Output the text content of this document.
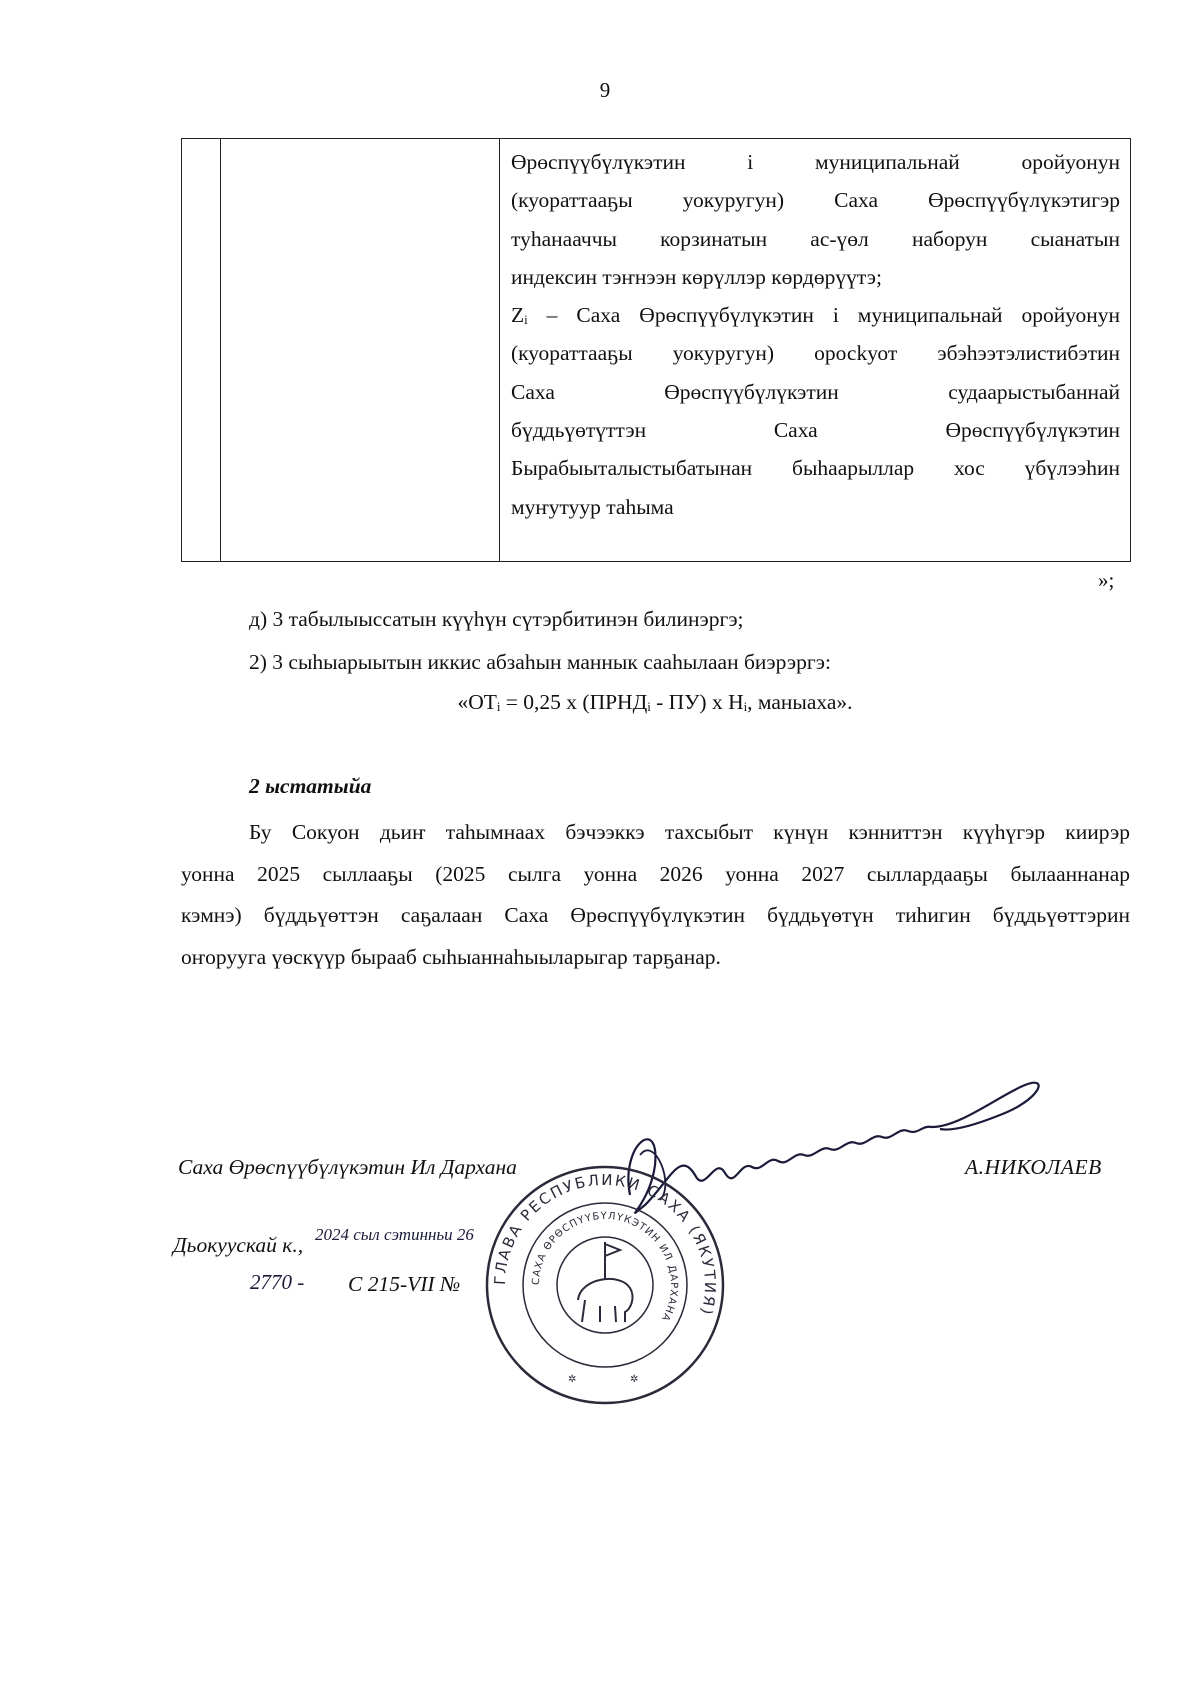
9

Өрөспүүбүлүкэтин і муниципальнай оройуонун
(куораттааҕы уокуругун) Саха Өрөспүүбүлүкэтигэр
туһанааччы корзинатын ас-үөл наборун сыанатын
индексин тэҥнээн көрүллэр көрдөрүүтэ;
Zᵢ – Саха Өрөспүүбүлүкэтин і муниципальнай оройуонун
(куораттааҕы уокуругун) оросkуот эбэһээтэлистибэтин
Саха Өрөспүүбүлүкэтин судаарыстыбаннай
бүддьүөтүттэн Саха Өрөспүүбүлүкэтин
Бырабыыталыстыбатынан быһаарыллар хос үбүлээһин
муҥутуур таһыма
»;
д) 3 табылыыссатын күүһүн сүтэрбитинэн билинэргэ;
2) 3 сыһыарыытын иккис абзаһын маннык сааһылаан биэрэргэ:
«ОТᵢ = 0,25 х (ПРНДᵢ - ПУ) х Нᵢ, маныаха».
2 ыстатыйа
Бу Сокуон дьиҥ таһымнаах бэчээккэ тахсыбыт күнүн кэнниттэн күүһүгэр киирэр
уонна 2025 сыллааҕы (2025 сылга уонна 2026 уонна 2027 сыллардааҕы былааннанар
кэмнэ) бүддьүөттэн саҕалаан Саха Өрөспүүбүлүкэтин бүддьүөтүн тиһигин бүддьүөттэрин
оҥорууга үөскүүр бырааб сыһыаннаһыыларыгар тарҕанар.
ГЛАВА РЕСПУБЛИКИ САХА (ЯКУТИЯ)
САХА ӨРӨСПҮҮБҮЛҮКЭТИН ИЛ ДАРХАНА
✲	✲
Саха Өрөспүүбүлүкэтин Ил Дархана	А.НИКОЛАЕВ
Дьокуускай к., 2024 сыл сэтинньи 26
2770 - С 215-VII №
